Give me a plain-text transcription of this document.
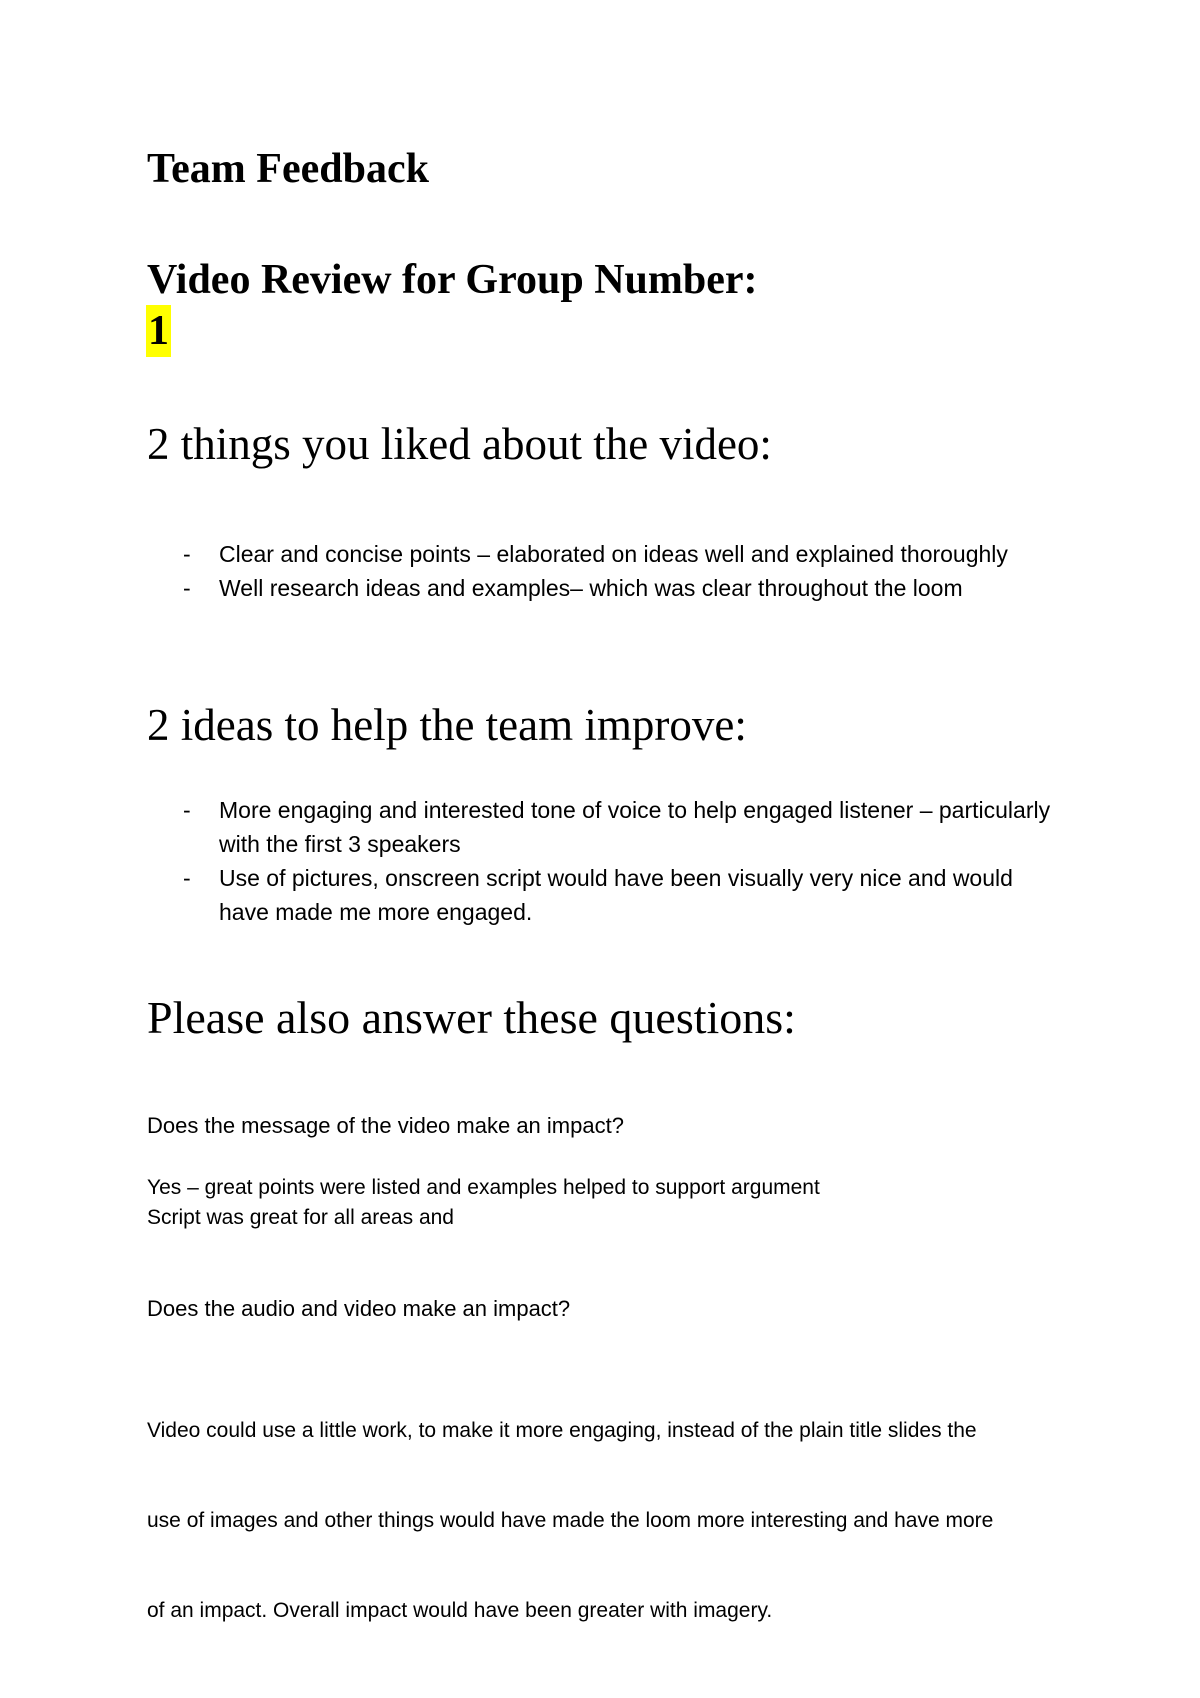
Team Feedback
Video Review for Group Number:
1
2 things you liked about the video:
- Clear and concise points – elaborated on ideas well and explained thoroughly
- Well research ideas and examples– which was clear throughout the loom
2 ideas to help the team improve:
- More engaging and interested tone of voice to help engaged listener – particularly with the first 3 speakers
- Use of pictures, onscreen script would have been visually very nice and would have made me more engaged.
Please also answer these questions:

Does the message of the video make an impact?

Yes – great points were listed and examples helped to support argument
Script was great for all areas and

Does the audio and video make an impact?

Video could use a little work, to make it more engaging, instead of the plain title slides the

use of images and other things would have made the loom more interesting and have more

of an impact. Overall impact would have been greater with imagery.
